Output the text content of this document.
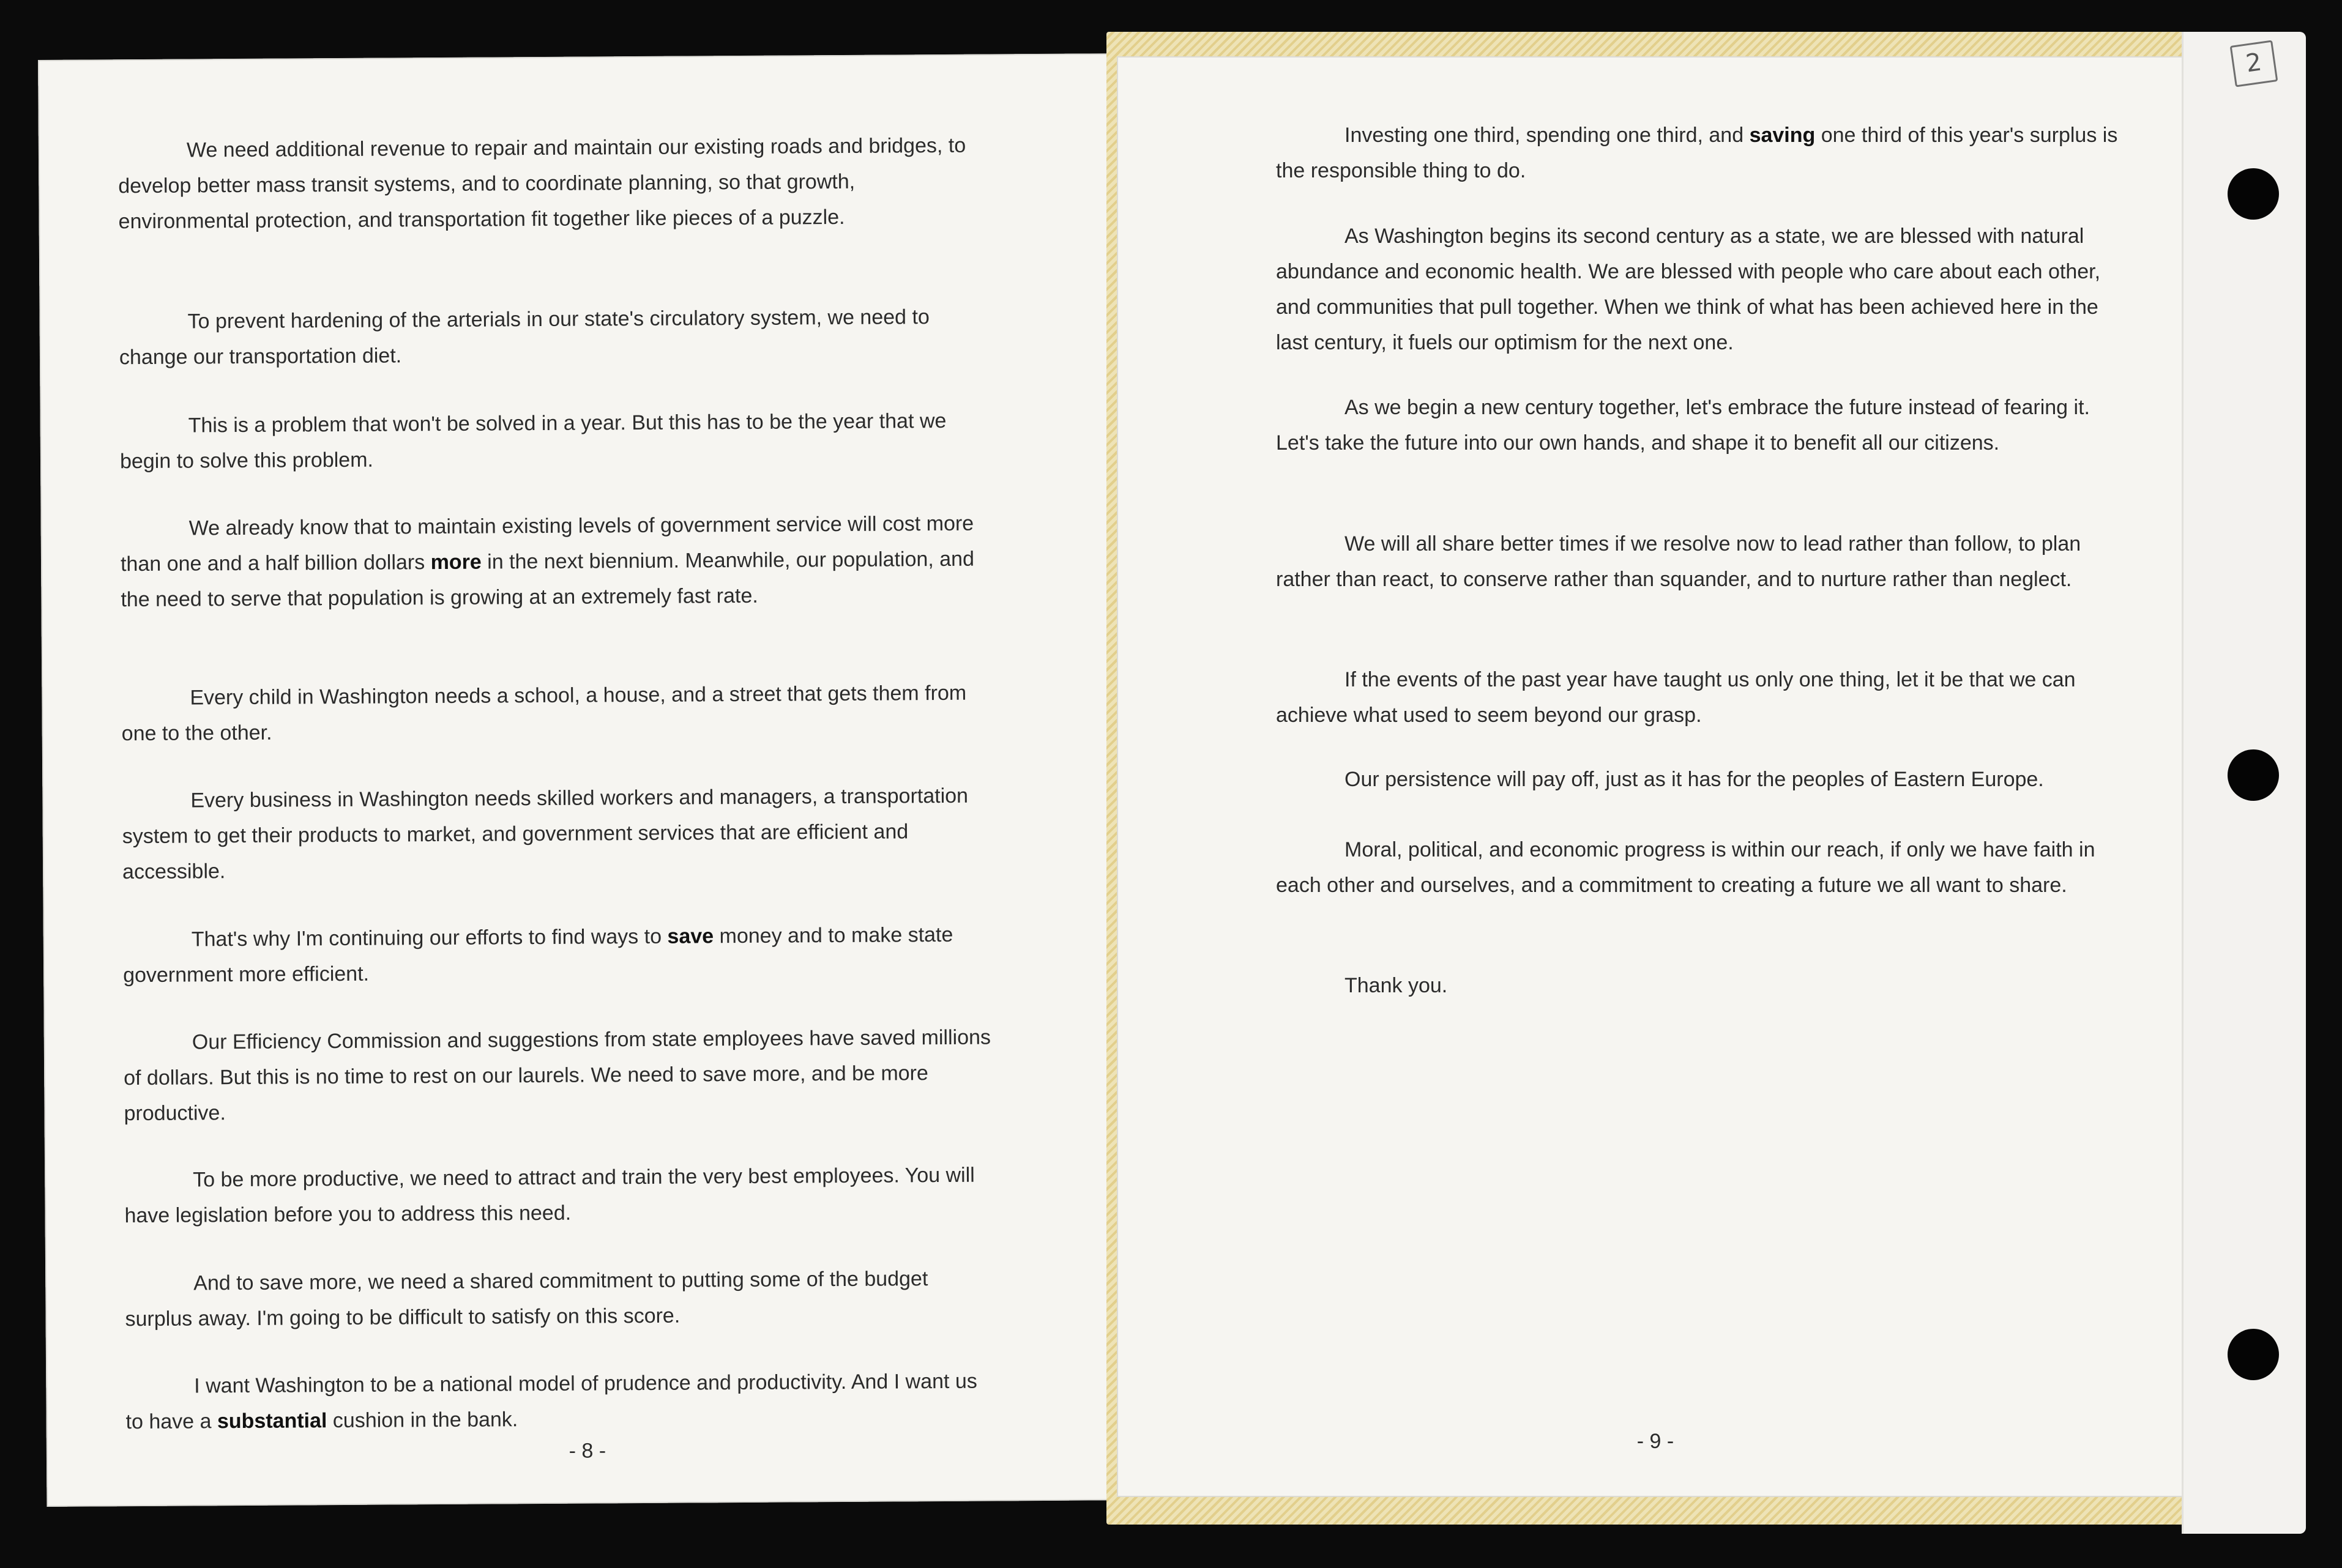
We need additional revenue to repair and maintain our existing roads and bridges, to develop better mass transit systems, and to coordinate planning, so that growth, environmental protection, and transportation fit together like pieces of a puzzle.

To prevent hardening of the arterials in our state's circulatory system, we need to change our transportation diet.

This is a problem that won't be solved in a year. But this has to be the year that we begin to solve this problem.

We already know that to maintain existing levels of government service will cost more than one and a half billion dollars more in the next biennium. Meanwhile, our population, and the need to serve that population is growing at an extremely fast rate.

Every child in Washington needs a school, a house, and a street that gets them from one to the other.

Every business in Washington needs skilled workers and managers, a transportation system to get their products to market, and government services that are efficient and accessible.

That's why I'm continuing our efforts to find ways to save money and to make state government more efficient.

Our Efficiency Commission and suggestions from state employees have saved millions of dollars. But this is no time to rest on our laurels. We need to save more, and be more productive.

To be more productive, we need to attract and train the very best employees. You will have legislation before you to address this need.

And to save more, we need a shared commitment to putting some of the budget surplus away. I'm going to be difficult to satisfy on this score.

I want Washington to be a national model of prudence and productivity. And I want us to have a substantial cushion in the bank.

- 8 -

Investing one third, spending one third, and saving one third of this year's surplus is the responsible thing to do.

As Washington begins its second century as a state, we are blessed with natural abundance and economic health. We are blessed with people who care about each other, and communities that pull together. When we think of what has been achieved here in the last century, it fuels our optimism for the next one.

As we begin a new century together, let's embrace the future instead of fearing it. Let's take the future into our own hands, and shape it to benefit all our citizens.

We will all share better times if we resolve now to lead rather than follow, to plan rather than react, to conserve rather than squander, and to nurture rather than neglect.

If the events of the past year have taught us only one thing, let it be that we can achieve what used to seem beyond our grasp.

Our persistence will pay off, just as it has for the peoples of Eastern Europe.

Moral, political, and economic progress is within our reach, if only we have faith in each other and ourselves, and a commitment to creating a future we all want to share.

Thank you.

- 9 -
2
